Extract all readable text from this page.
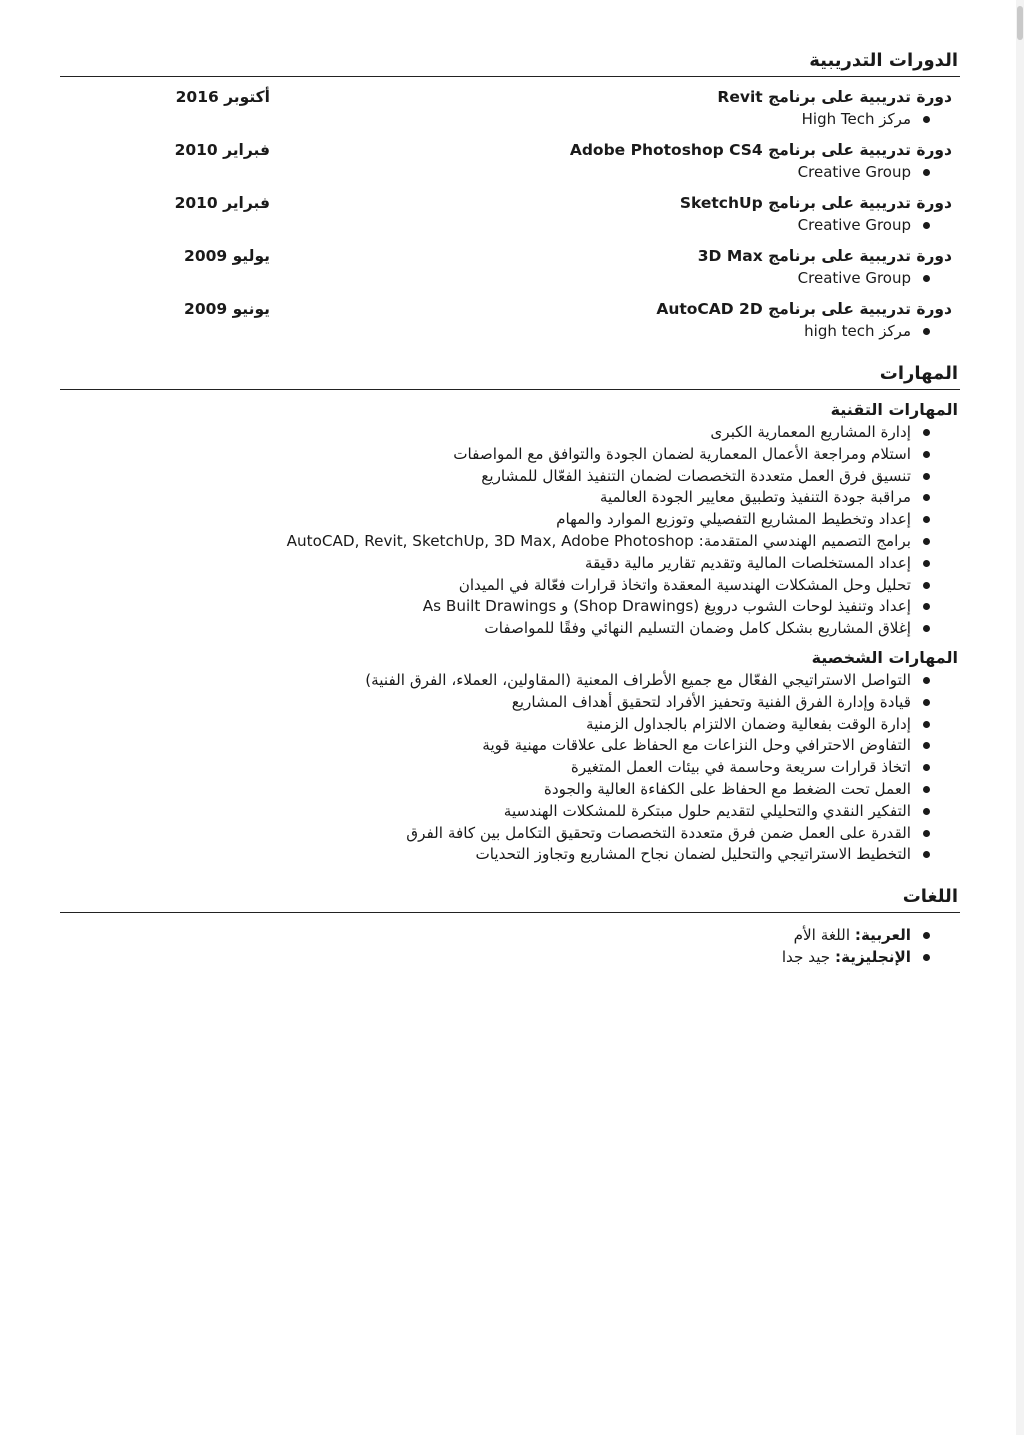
الدورات التدريبية
دورة تدريبية على برنامج Revit
أكتوبر 2016
مركز High Tech
دورة تدريبية على برنامج Adobe Photoshop CS4
فبراير 2010
Creative Group
دورة تدريبية على برنامج SketchUp
فبراير 2010
Creative Group
دورة تدريبية على برنامج 3D Max
يوليو 2009
Creative Group
دورة تدريبية على برنامج AutoCAD 2D
يونيو 2009
مركز high tech
المهارات
المهارات التقنية
إدارة المشاريع المعمارية الكبرى
استلام ومراجعة الأعمال المعمارية لضمان الجودة والتوافق مع المواصفات
تنسيق فرق العمل متعددة التخصصات لضمان التنفيذ الفعّال للمشاريع
مراقبة جودة التنفيذ وتطبيق معايير الجودة العالمية
إعداد وتخطيط المشاريع التفصيلي وتوزيع الموارد والمهام
برامج التصميم الهندسي المتقدمة: AutoCAD, Revit, SketchUp, 3D Max, Adobe Photoshop
إعداد المستخلصات المالية وتقديم تقارير مالية دقيقة
تحليل وحل المشكلات الهندسية المعقدة واتخاذ قرارات فعّالة في الميدان
إعداد وتنفيذ لوحات الشوب درويغ (Shop Drawings) و As Built Drawings
إغلاق المشاريع بشكل كامل وضمان التسليم النهائي وفقًا للمواصفات
المهارات الشخصية
التواصل الاستراتيجي الفعّال مع جميع الأطراف المعنية (المقاولين، العملاء، الفرق الفنية)
قيادة وإدارة الفرق الفنية وتحفيز الأفراد لتحقيق أهداف المشاريع
إدارة الوقت بفعالية وضمان الالتزام بالجداول الزمنية
التفاوض الاحترافي وحل النزاعات مع الحفاظ على علاقات مهنية قوية
اتخاذ قرارات سريعة وحاسمة في بيئات العمل المتغيرة
العمل تحت الضغط مع الحفاظ على الكفاءة العالية والجودة
التفكير النقدي والتحليلي لتقديم حلول مبتكرة للمشكلات الهندسية
القدرة على العمل ضمن فرق متعددة التخصصات وتحقيق التكامل بين كافة الفرق
التخطيط الاستراتيجي والتحليل لضمان نجاح المشاريع وتجاوز التحديات
اللغات
العربية: اللغة الأم
الإنجليزية: جيد جدا
